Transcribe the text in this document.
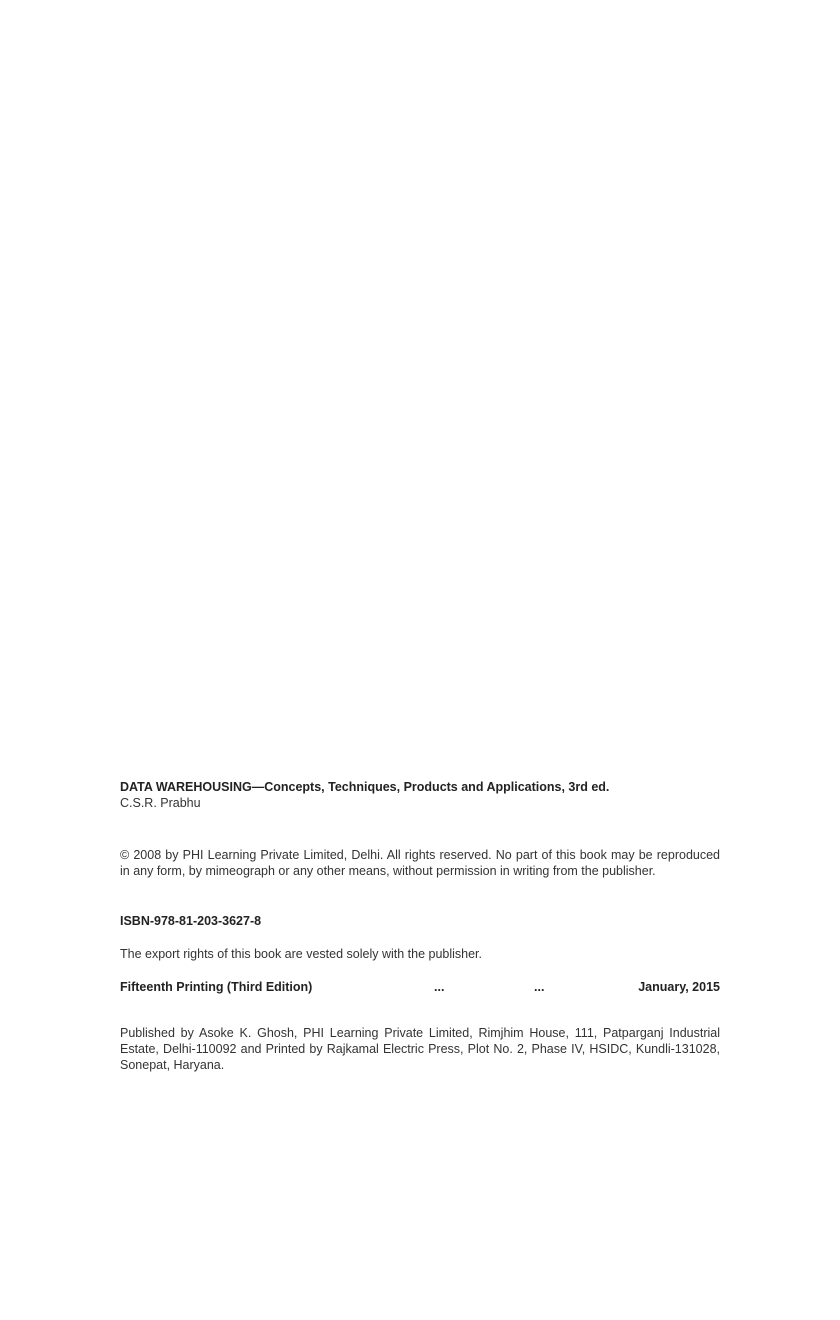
DATA WAREHOUSING—Concepts, Techniques, Products and Applications, 3rd ed.
C.S.R. Prabhu
© 2008 by PHI Learning Private Limited, Delhi. All rights reserved. No part of this book may be reproduced in any form, by mimeograph or any other means, without permission in writing from the publisher.
ISBN-978-81-203-3627-8
The export rights of this book are vested solely with the publisher.
Fifteenth Printing (Third Edition)	...	...	January, 2015
Published by Asoke K. Ghosh, PHI Learning Private Limited, Rimjhim House, 111, Patparganj Industrial Estate, Delhi-110092 and Printed by Rajkamal Electric Press, Plot No. 2, Phase IV, HSIDC, Kundli-131028, Sonepat, Haryana.
